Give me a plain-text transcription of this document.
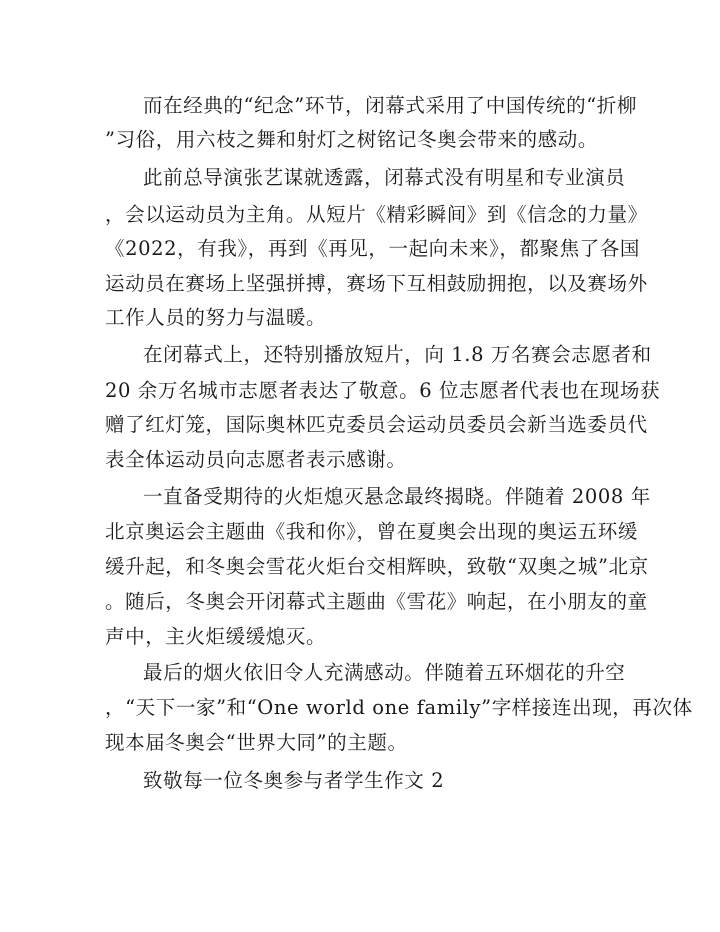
而在经典的“纪念”环节，闭幕式采用了中国传统的“折柳
”习俗，用六枝之舞和射灯之树铭记冬奥会带来的感动。
此前总导演张艺谋就透露，闭幕式没有明星和专业演员
，会以运动员为主角。从短片《精彩瞬间》到《信念的力量》
《2022，有我》，再到《再见，一起向未来》，都聚焦了各国
运动员在赛场上坚强拼搏，赛场下互相鼓励拥抱，以及赛场外
工作人员的努力与温暖。
在闭幕式上，还特别播放短片，向 1.8 万名赛会志愿者和
20 余万名城市志愿者表达了敬意。6 位志愿者代表也在现场获
赠了红灯笼，国际奥林匹克委员会运动员委员会新当选委员代
表全体运动员向志愿者表示感谢。
一直备受期待的火炬熄灭悬念最终揭晓。伴随着 2008 年
北京奥运会主题曲《我和你》，曾在夏奥会出现的奥运五环缓
缓升起，和冬奥会雪花火炬台交相辉映，致敬“双奥之城”北京
。随后，冬奥会开闭幕式主题曲《雪花》响起，在小朋友的童
声中，主火炬缓缓熄灭。
最后的烟火依旧令人充满感动。伴随着五环烟花的升空
，“天下一家”和“One world one family”字样接连出现，再次体
现本届冬奥会“世界大同”的主题。
致敬每一位冬奥参与者学生作文 2
